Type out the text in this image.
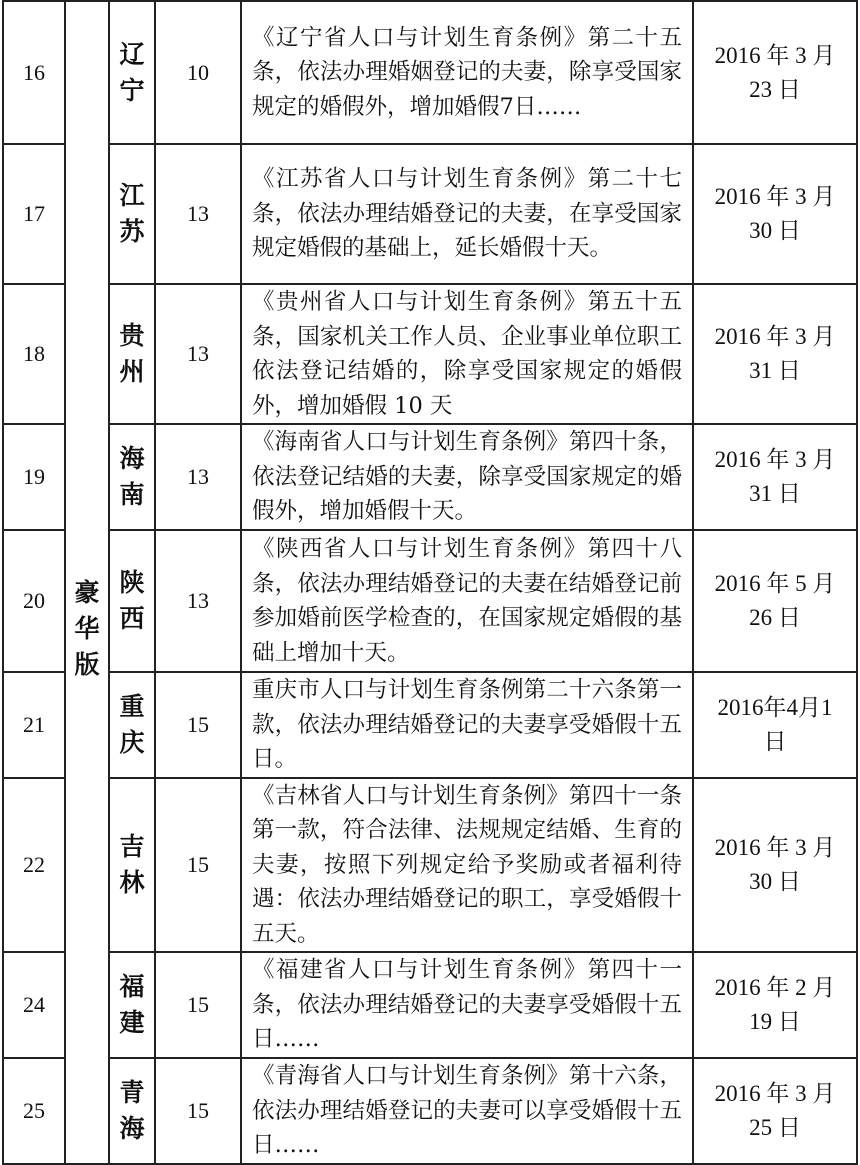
16	豪华版	辽宁	10	《辽宁省人口与计划生育条例》第二十五条，依法办理婚姻登记的夫妻，除享受国家规定的婚假外，增加婚假7日……	2016 年 3 月
23 日

17		江苏	13	《江苏省人口与计划生育条例》第二十七条，依法办理结婚登记的夫妻，在享受国家规定婚假的基础上，延长婚假十天。	2016 年 3 月
30 日

18		贵州	13	《贵州省人口与计划生育条例》第五十五条，国家机关工作人员、企业事业单位职工依法登记结婚的，除享受国家规定的婚假外，增加婚假 10 天	2016 年 3 月
31 日

19		海南	13	《海南省人口与计划生育条例》第四十条，依法登记结婚的夫妻，除享受国家规定的婚假外，增加婚假十天。	2016 年 3 月
31 日

20		陕西	13	《陕西省人口与计划生育条例》第四十八条，依法办理结婚登记的夫妻在结婚登记前参加婚前医学检查的，在国家规定婚假的基础上增加十天。	2016 年 5 月
26 日

21		重庆	15	重庆市人口与计划生育条例第二十六条第一款，依法办理结婚登记的夫妻享受婚假十五日。	2016年4月1
日

22		吉林	15	《吉林省人口与计划生育条例》第四十一条第一款，符合法律、法规规定结婚、生育的夫妻，按照下列规定给予奖励或者福利待遇：依法办理结婚登记的职工，享受婚假十五天。	2016 年 3 月
30 日

24		福建	15	《福建省人口与计划生育条例》第四十一条，依法办理结婚登记的夫妻享受婚假十五日……	2016 年 2 月
19 日

25		青海	15	《青海省人口与计划生育条例》第十六条，依法办理结婚登记的夫妻可以享受婚假十五日……	2016 年 3 月
25 日
